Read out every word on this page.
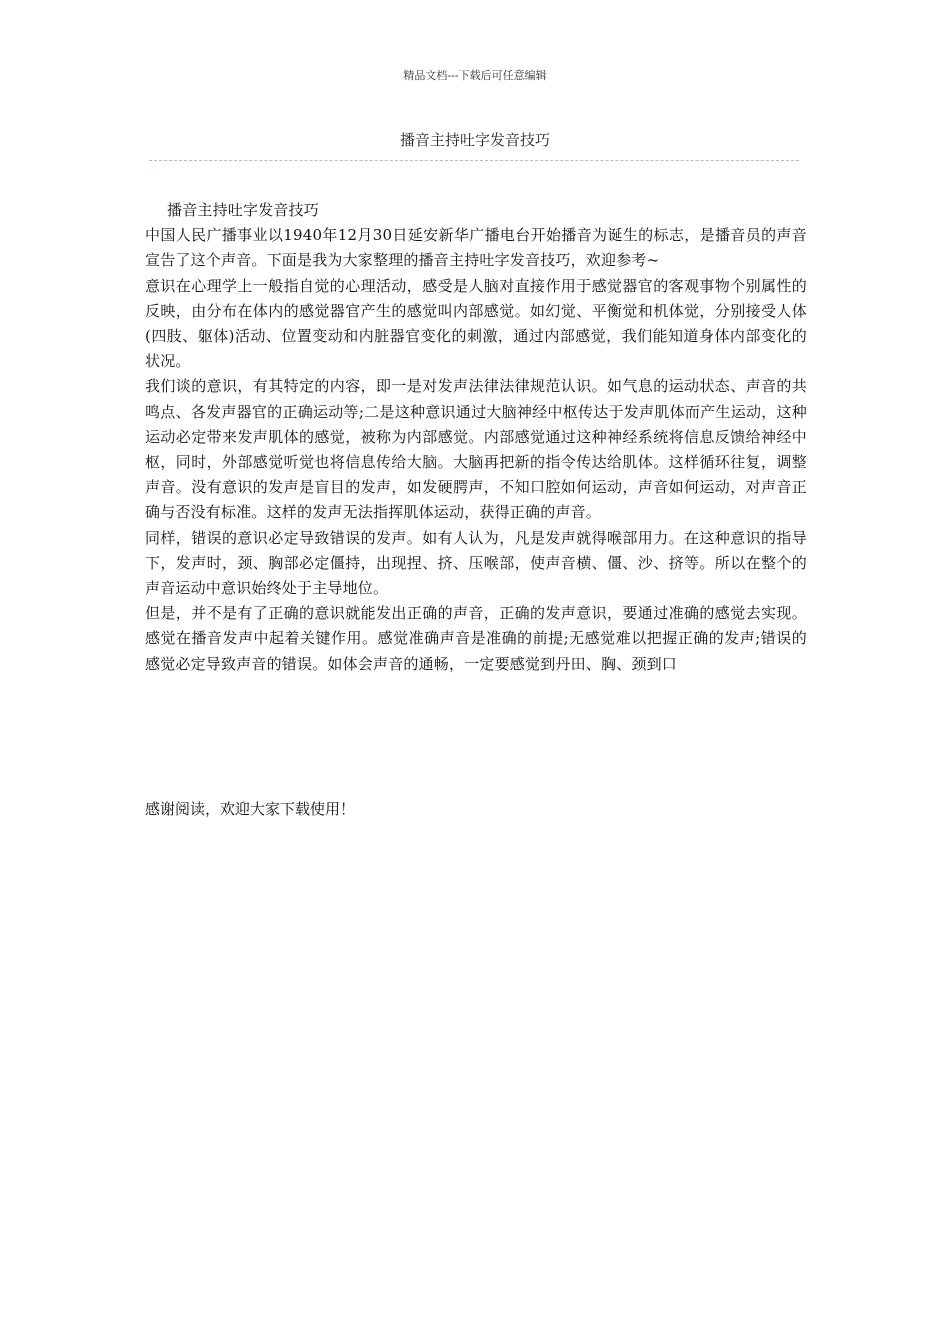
精品文档---下载后可任意编辑
播音主持吐字发音技巧

播音主持吐字发音技巧

中国人民广播事业以1940年12月30日延安新华广播电台开始播音为诞生的标志，是播音员的声音宣告了这个声音。下面是我为大家整理的播音主持吐字发音技巧，欢迎参考~

意识在心理学上一般指自觉的心理活动，感受是人脑对直接作用于感觉器官的客观事物个别属性的反映，由分布在体内的感觉器官产生的感觉叫内部感觉。如幻觉、平衡觉和机体觉，分别接受人体(四肢、躯体)活动、位置变动和内脏器官变化的刺激，通过内部感觉，我们能知道身体内部变化的状况。

我们谈的意识，有其特定的内容，即一是对发声法律法律规范认识。如气息的运动状态、声音的共鸣点、各发声器官的正确运动等;二是这种意识通过大脑神经中枢传达于发声肌体而产生运动，这种运动必定带来发声肌体的感觉，被称为内部感觉。内部感觉通过这种神经系统将信息反馈给神经中枢，同时，外部感觉听觉也将信息传给大脑。大脑再把新的指令传达给肌体。这样循环往复，调整声音。没有意识的发声是盲目的发声，如发硬腭声，不知口腔如何运动，声音如何运动，对声音正确与否没有标准。这样的发声无法指挥肌体运动，获得正确的声音。

同样，错误的意识必定导致错误的发声。如有人认为，凡是发声就得喉部用力。在这种意识的指导下，发声时，颈、胸部必定僵持，出现捏、挤、压喉部，使声音横、僵、沙、挤等。所以在整个的声音运动中意识始终处于主导地位。

但是，并不是有了正确的意识就能发出正确的声音，正确的发声意识，要通过准确的感觉去实现。感觉在播音发声中起着关键作用。感觉准确声音是准确的前提;无感觉难以把握正确的发声;错误的感觉必定导致声音的错误。如体会声音的通畅，一定要感觉到丹田、胸、颈到口

感谢阅读，欢迎大家下载使用！
